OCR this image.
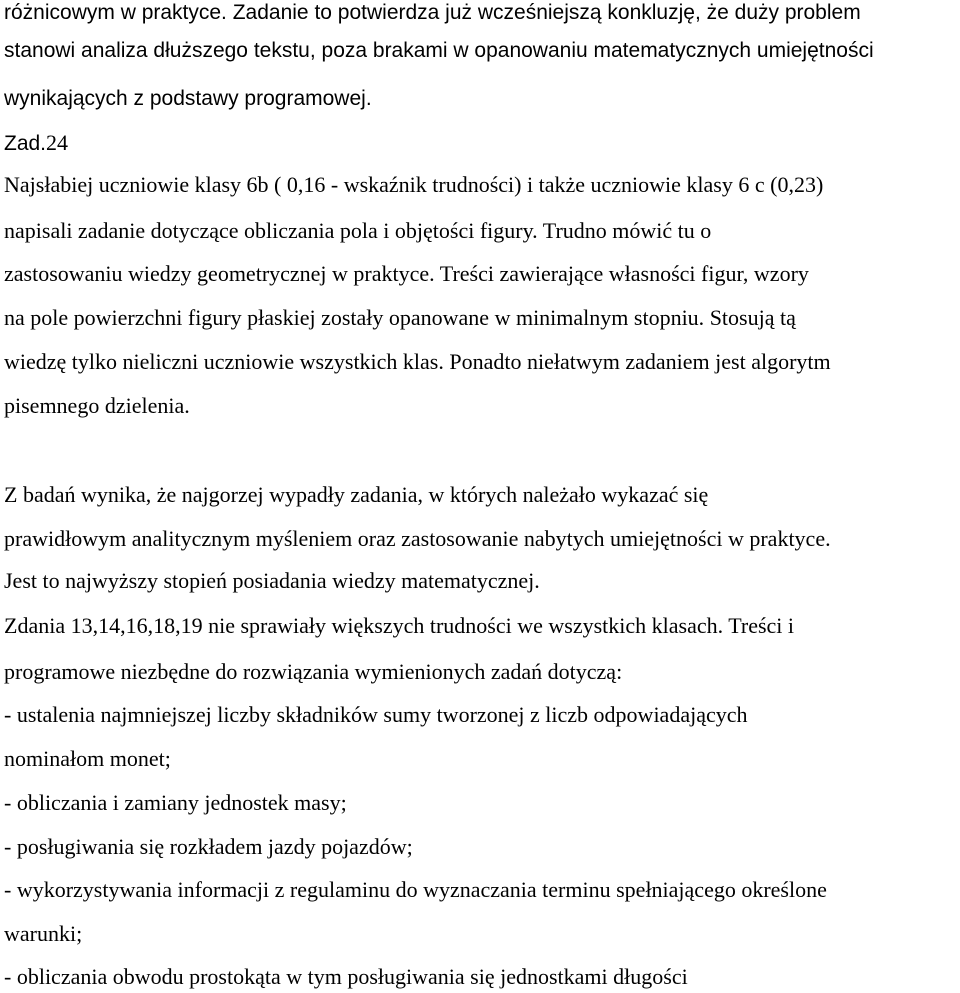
różnicowym w praktyce. Zadanie to potwierdza już wcześniejszą konkluzję, że duży problem
stanowi analiza dłuższego tekstu, poza brakami w opanowaniu matematycznych umiejętności
wynikających z podstawy programowej.
Zad.24
Najsłabiej uczniowie klasy 6b ( 0,16 - wskaźnik trudności) i także uczniowie klasy 6 c (0,23)
napisali zadanie dotyczące obliczania pola i objętości figury. Trudno mówić tu o
zastosowaniu wiedzy geometrycznej w praktyce. Treści zawierające własności figur, wzory
na pole powierzchni figury płaskiej zostały opanowane w minimalnym stopniu. Stosują tą
wiedzę tylko nieliczni uczniowie wszystkich klas. Ponadto niełatwym zadaniem jest algorytm
pisemnego dzielenia.
Z badań wynika, że najgorzej wypadły zadania, w których należało wykazać się
prawidłowym analitycznym myśleniem oraz zastosowanie nabytych umiejętności w praktyce.
Jest to najwyższy stopień posiadania wiedzy matematycznej.
Zdania 13,14,16,18,19 nie sprawiały większych trudności we wszystkich klasach. Treści i
programowe niezbędne do rozwiązania wymienionych zadań dotyczą:
- ustalenia najmniejszej liczby składników sumy tworzonej z liczb odpowiadających
nominałom monet;
- obliczania i zamiany jednostek masy;
- posługiwania się rozkładem jazdy pojazdów;
- wykorzystywania informacji z regulaminu do wyznaczania terminu spełniającego określone
warunki;
- obliczania obwodu prostokąta w tym posługiwania się jednostkami długości
